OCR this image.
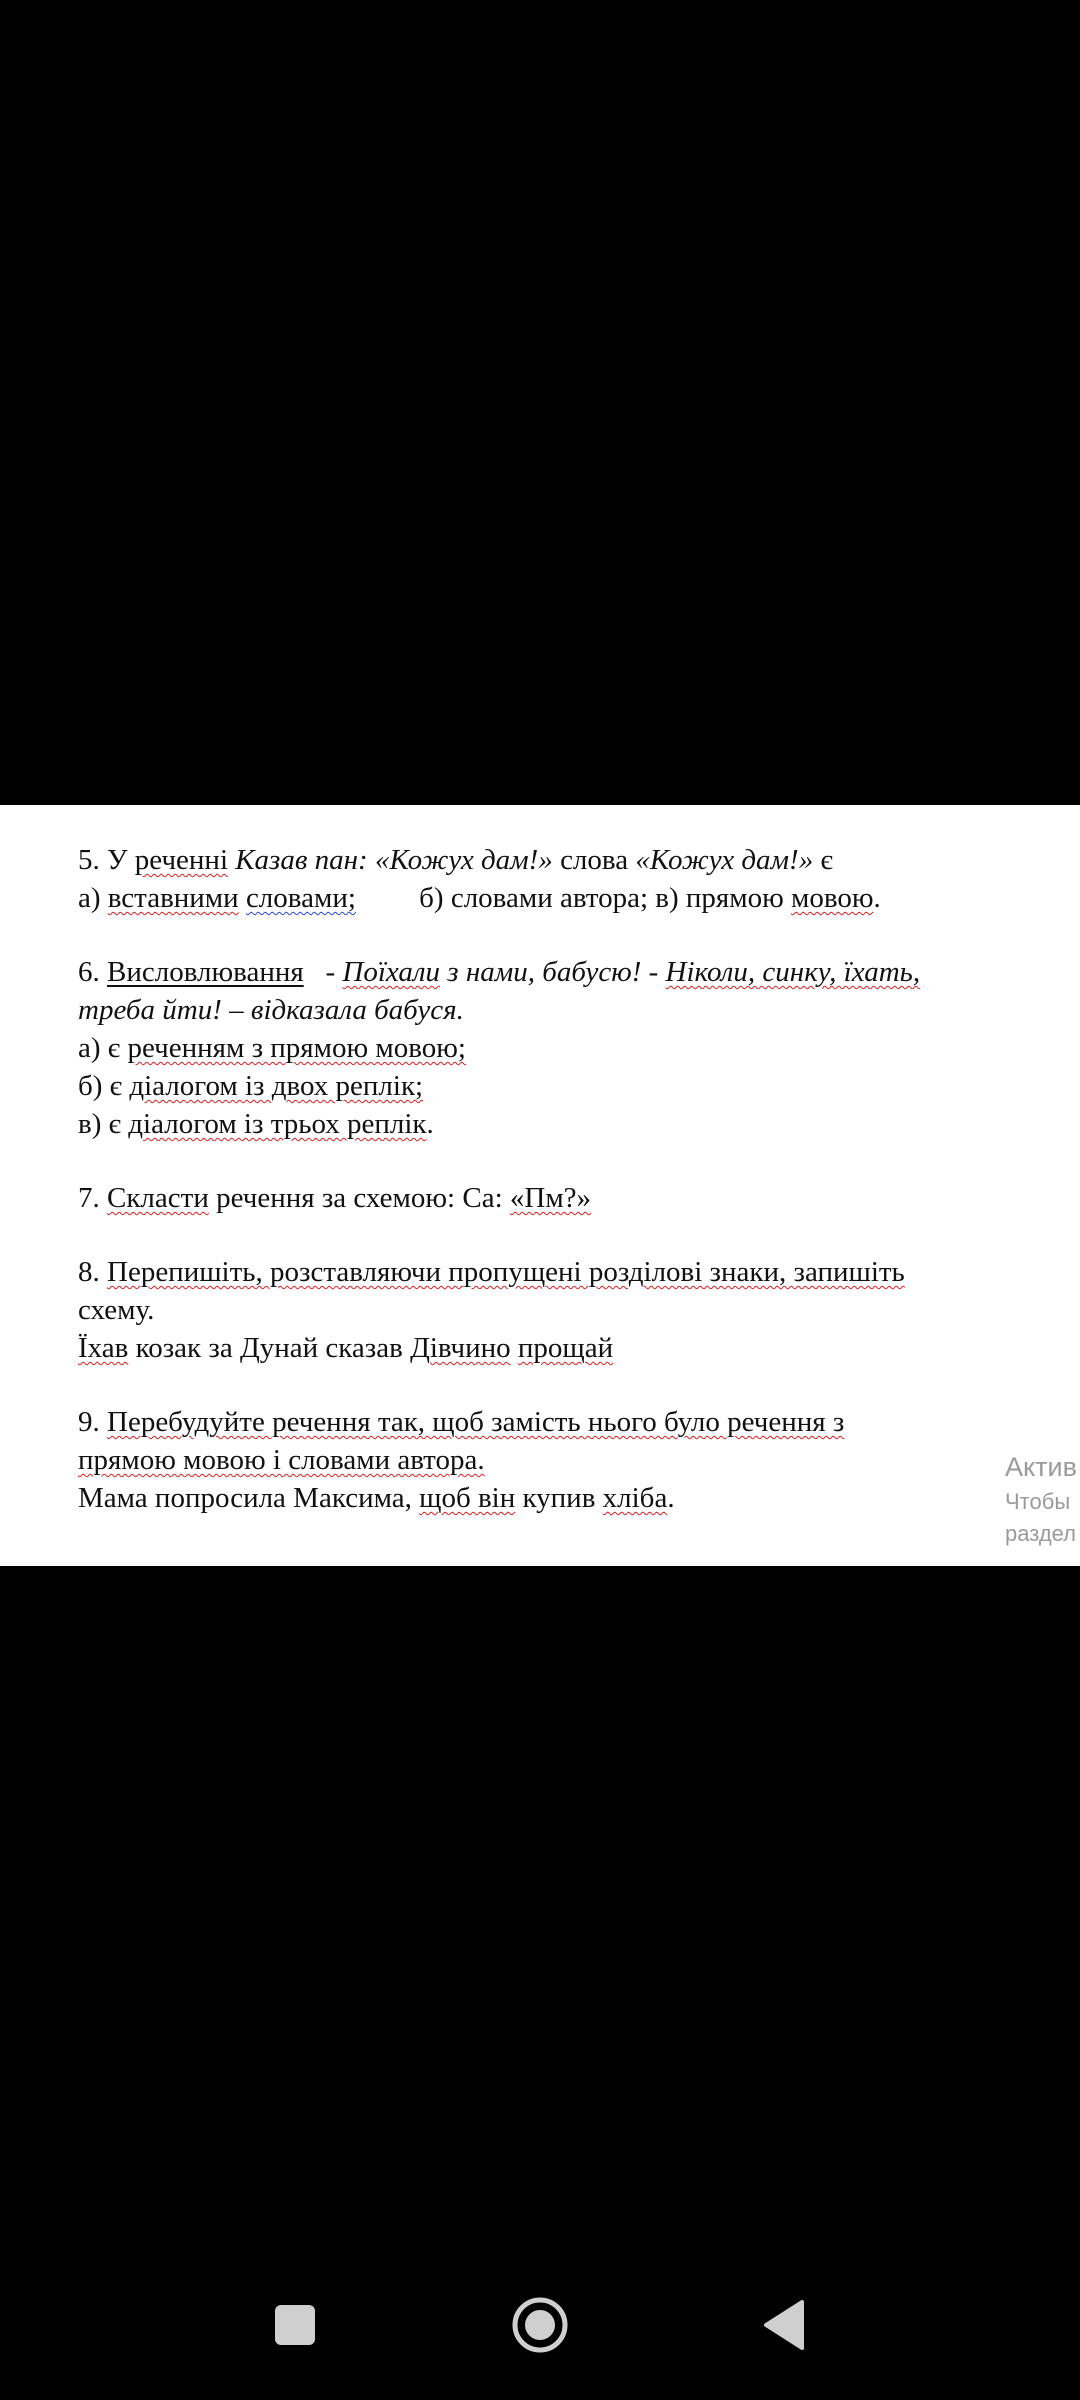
5. У реченні Казав пан: «Кожух дам!» слова «Кожух дам!» є
а) вставними словами; б) словами автора; в) прямою мовою.
6. Висловлювання - Поїхали з нами, бабусю! - Ніколи, синку, їхать,
треба йти! – відказала бабуся.
а) є реченням з прямою мовою;
б) є діалогом із двох реплік;
в) є діалогом із трьох реплік.
7. Скласти речення за схемою: Са: «Пм?»
8. Перепишіть, розставляючи пропущені розділові знаки, запишіть
схему.
Їхав козак за Дунай сказав Дівчино прощай
9. Перебудуйте речення так, щоб замість нього було речення з
прямою мовою і словами автора.
Мама попросила Максима, щоб він купив хліба.
Актив
Чтобы
раздел
